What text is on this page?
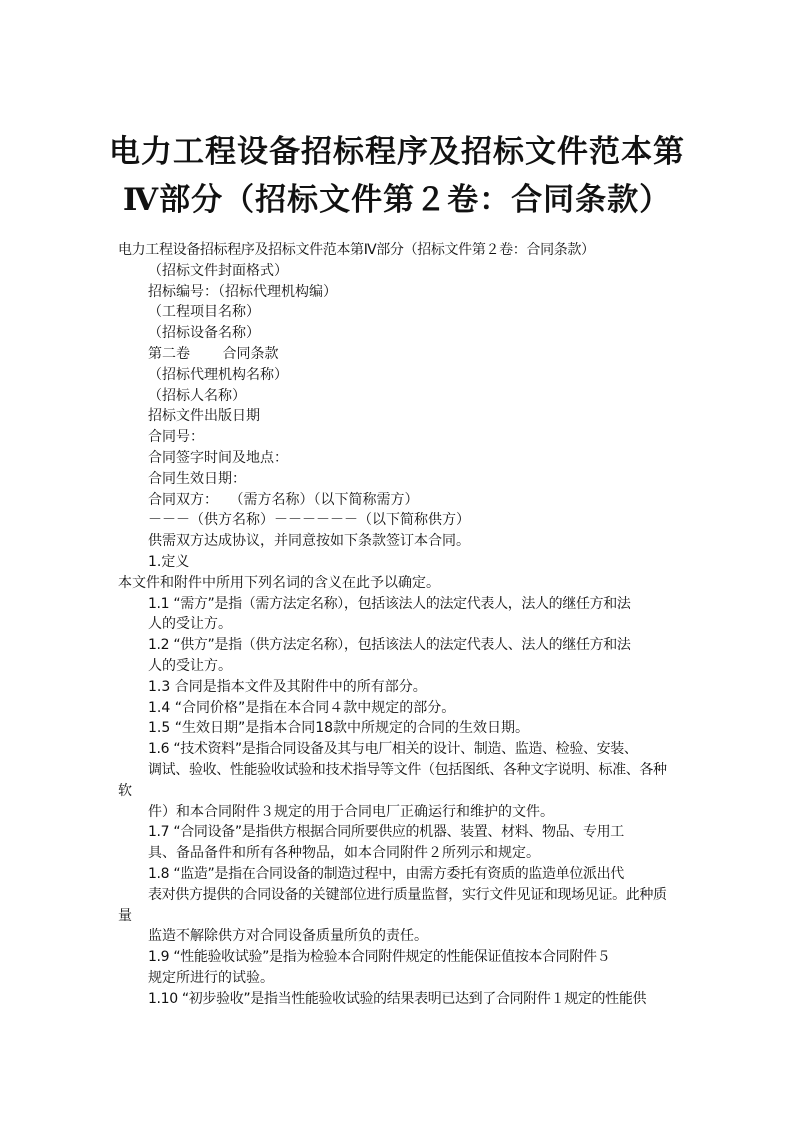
电力工程设备招标程序及招标文件范本第
Ⅳ部分（招标文件第２卷：合同条款）
电力工程设备招标程序及招标文件范本第Ⅳ部分（招标文件第２卷：合同条款）
（招标文件封面格式）
招标编号：（招标代理机构编）
（工程项目名称）
（招标设备名称）
第二卷　　 合同条款
（招标代理机构名称）
（招标人名称）
招标文件出版日期
合同号：
合同签字时间及地点：
合同生效日期：
合同双方：　 （需方名称）（以下简称需方）
－－－（供方名称）－－－－－－（以下简称供方）
供需双方达成协议，并同意按如下条款签订本合同。
1.定义
本文件和附件中所用下列名词的含义在此予以确定。
1.1 “需方”是指（需方法定名称），包括该法人的法定代表人，法人的继任方和法
人的受让方。
1.2 “供方”是指（供方法定名称），包括该法人的法定代表人、法人的继任方和法
人的受让方。
1.3 合同是指本文件及其附件中的所有部分。
1.4 “合同价格”是指在本合同４款中规定的部分。
1.5 “生效日期”是指本合同18款中所规定的合同的生效日期。
1.6 “技术资料”是指合同设备及其与电厂相关的设计、制造、监造、检验、安装、
调试、验收、性能验收试验和技术指导等文件（包括图纸、各种文字说明、标准、各种
软
件）和本合同附件３规定的用于合同电厂正确运行和维护的文件。
1.7 “合同设备”是指供方根据合同所要供应的机器、装置、材料、物品、专用工
具、备品备件和所有各种物品，如本合同附件２所列示和规定。
1.8 “监造”是指在合同设备的制造过程中，由需方委托有资质的监造单位派出代
表对供方提供的合同设备的关键部位进行质量监督，实行文件见证和现场见证。此种质
量
监造不解除供方对合同设备质量所负的责任。
1.9 “性能验收试验”是指为检验本合同附件规定的性能保证值按本合同附件５
规定所进行的试验。
1.10 “初步验收”是指当性能验收试验的结果表明已达到了合同附件１规定的性能供
